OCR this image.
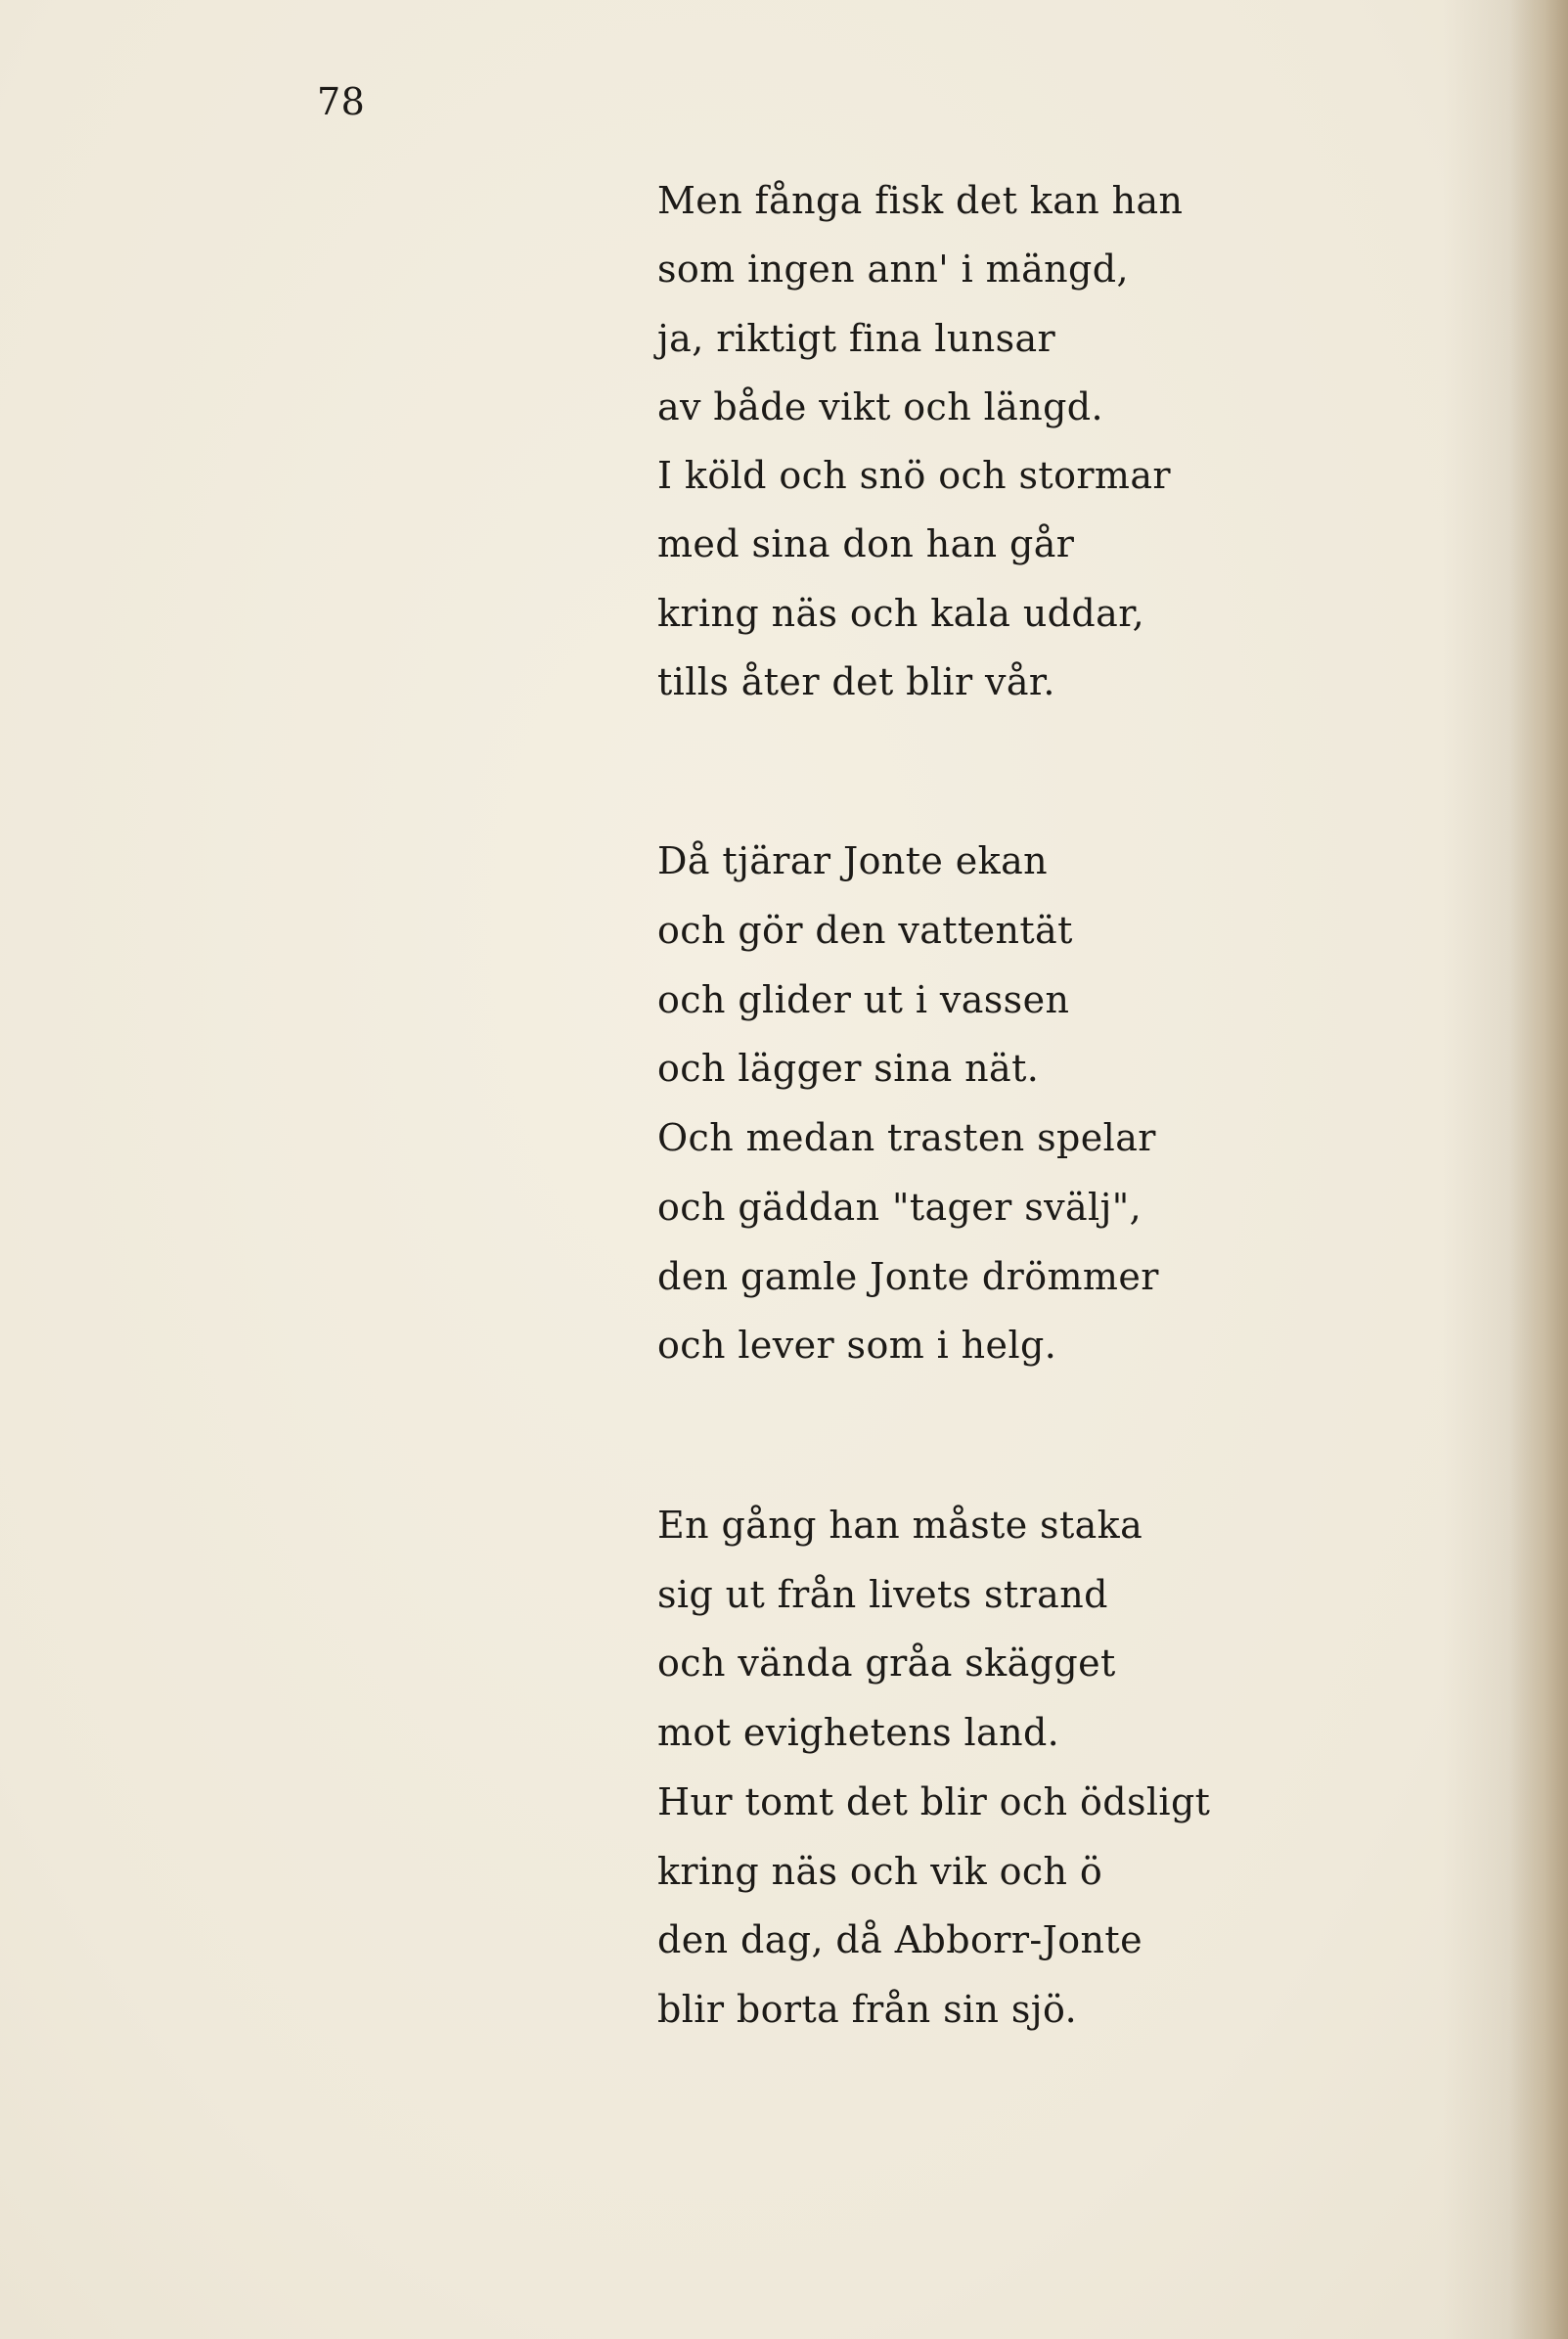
78
Men fånga fisk det kan han
som ingen ann' i mängd,
ja, riktigt fina lunsar
av både vikt och längd.
I köld och snö och stormar
med sina don han går
kring näs och kala uddar,
tills åter det blir vår.
Då tjärar Jonte ekan
och gör den vattentät
och glider ut i vassen
och lägger sina nät.
Och medan trasten spelar
och gäddan "tager svälj",
den gamle Jonte drömmer
och lever som i helg.
En gång han måste staka
sig ut från livets strand
och vända gråa skägget
mot evighetens land.
Hur tomt det blir och ödsligt
kring näs och vik och ö
den dag, då Abborr-Jonte
blir borta från sin sjö.
